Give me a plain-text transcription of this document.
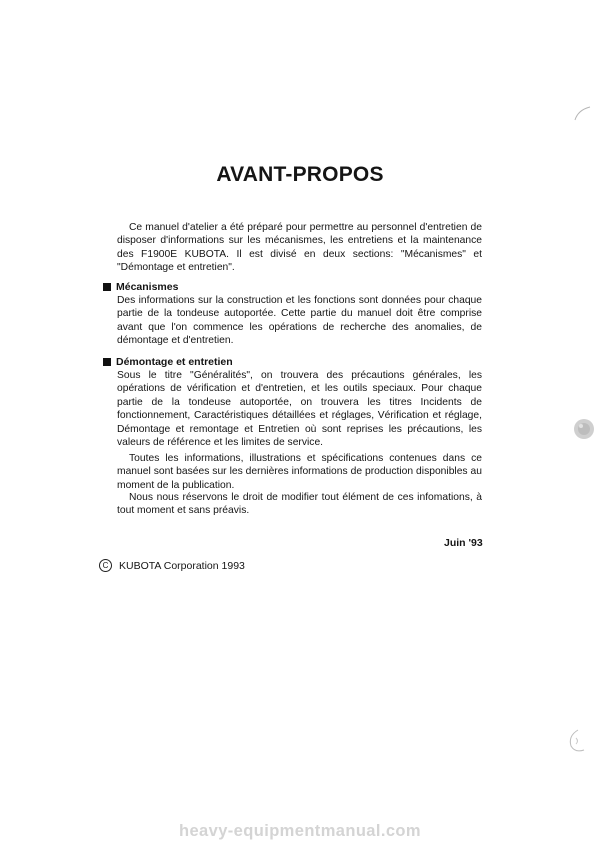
AVANT-PROPOS
Ce manuel d'atelier a été préparé pour permettre au personnel d'entretien de disposer d'informations sur les mécanismes, les entretiens et la maintenance des F1900E KUBOTA. Il est divisé en deux sections: "Mécanismes" et "Démontage et entretien".
Mécanismes
Des informations sur la construction et les fonctions sont données pour chaque partie de la tondeuse autoportée. Cette partie du manuel doit être comprise avant que l'on commence les opérations de recherche des anomalies, de démontage et d'entretien.
Démontage et entretien
Sous le titre "Généralités", on trouvera des précautions générales, les opérations de vérification et d'entretien, et les outils speciaux. Pour chaque partie de la tondeuse autoportée, on trouvera les titres Incidents de fonctionnement, Caractéristiques détaillées et réglages, Vérification et réglage, Démontage et remontage et Entretien où sont reprises les précautions, les valeurs de référence et les limites de service.
Toutes les informations, illustrations et spécifications contenues dans ce manuel sont basées sur les dernières informations de production disponibles au moment de la publication.
Nous nous réservons le droit de modifier tout élément de ces infomations, à tout moment et sans préavis.
Juin '93
C	KUBOTA Corporation 1993
heavy-equipmentmanual.com
